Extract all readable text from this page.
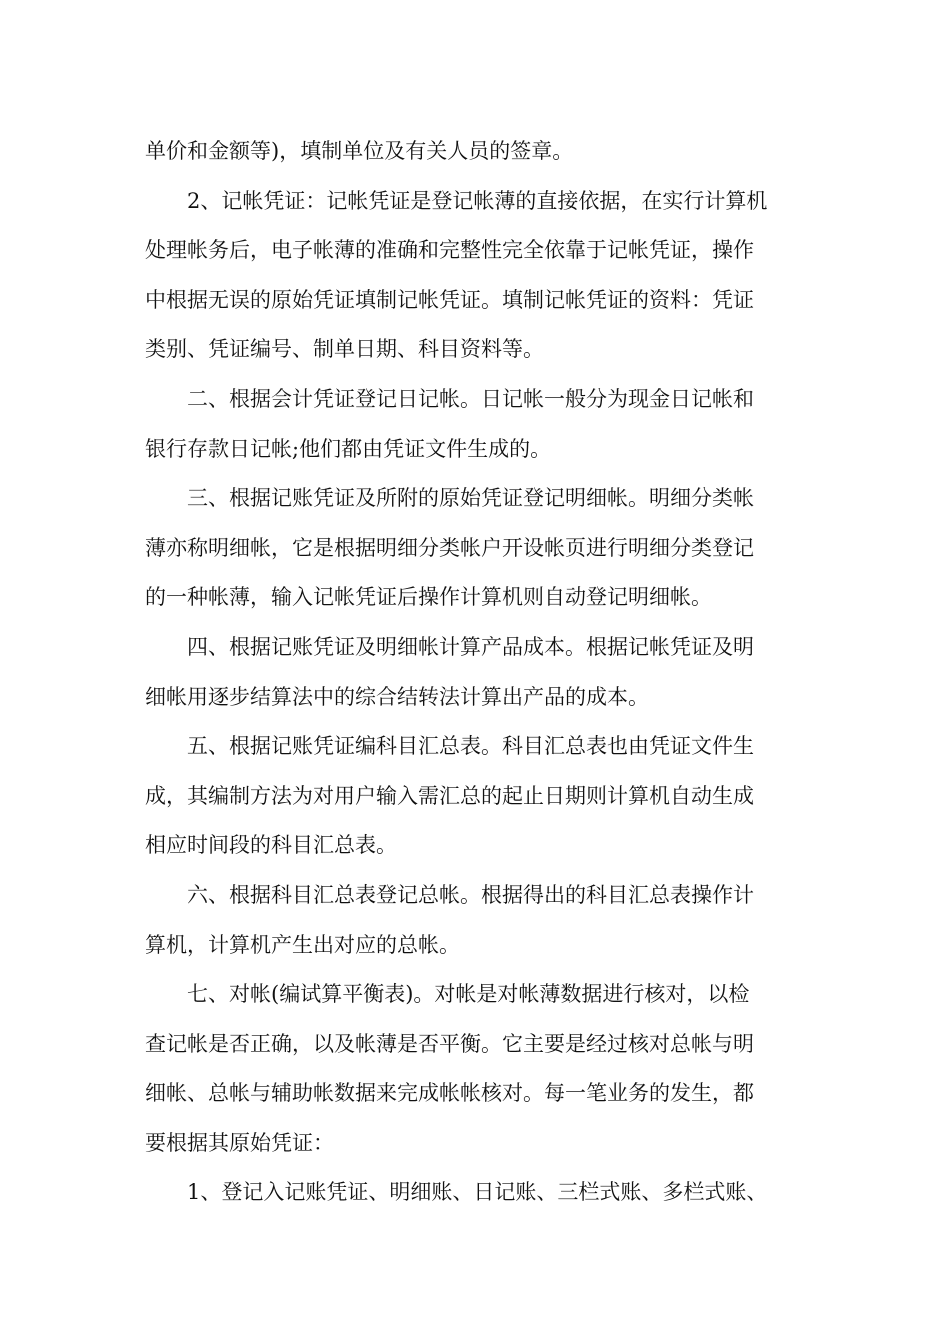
单价和金额等)，填制单位及有关人员的签章。
2、记帐凭证：记帐凭证是登记帐薄的直接依据，在实行计算机
处理帐务后，电子帐薄的准确和完整性完全依靠于记帐凭证，操作
中根据无误的原始凭证填制记帐凭证。填制记帐凭证的资料：凭证
类别、凭证编号、制单日期、科目资料等。
二、根据会计凭证登记日记帐。日记帐一般分为现金日记帐和
银行存款日记帐;他们都由凭证文件生成的。
三、根据记账凭证及所附的原始凭证登记明细帐。明细分类帐
薄亦称明细帐，它是根据明细分类帐户开设帐页进行明细分类登记
的一种帐薄，输入记帐凭证后操作计算机则自动登记明细帐。
四、根据记账凭证及明细帐计算产品成本。根据记帐凭证及明
细帐用逐步结算法中的综合结转法计算出产品的成本。
五、根据记账凭证编科目汇总表。科目汇总表也由凭证文件生
成，其编制方法为对用户输入需汇总的起止日期则计算机自动生成
相应时间段的科目汇总表。
六、根据科目汇总表登记总帐。根据得出的科目汇总表操作计
算机，计算机产生出对应的总帐。
七、对帐(编试算平衡表)。对帐是对帐薄数据进行核对，以检
查记帐是否正确，以及帐薄是否平衡。它主要是经过核对总帐与明
细帐、总帐与辅助帐数据来完成帐帐核对。每一笔业务的发生，都
要根据其原始凭证：
1、登记入记账凭证、明细账、日记账、三栏式账、多栏式账、
